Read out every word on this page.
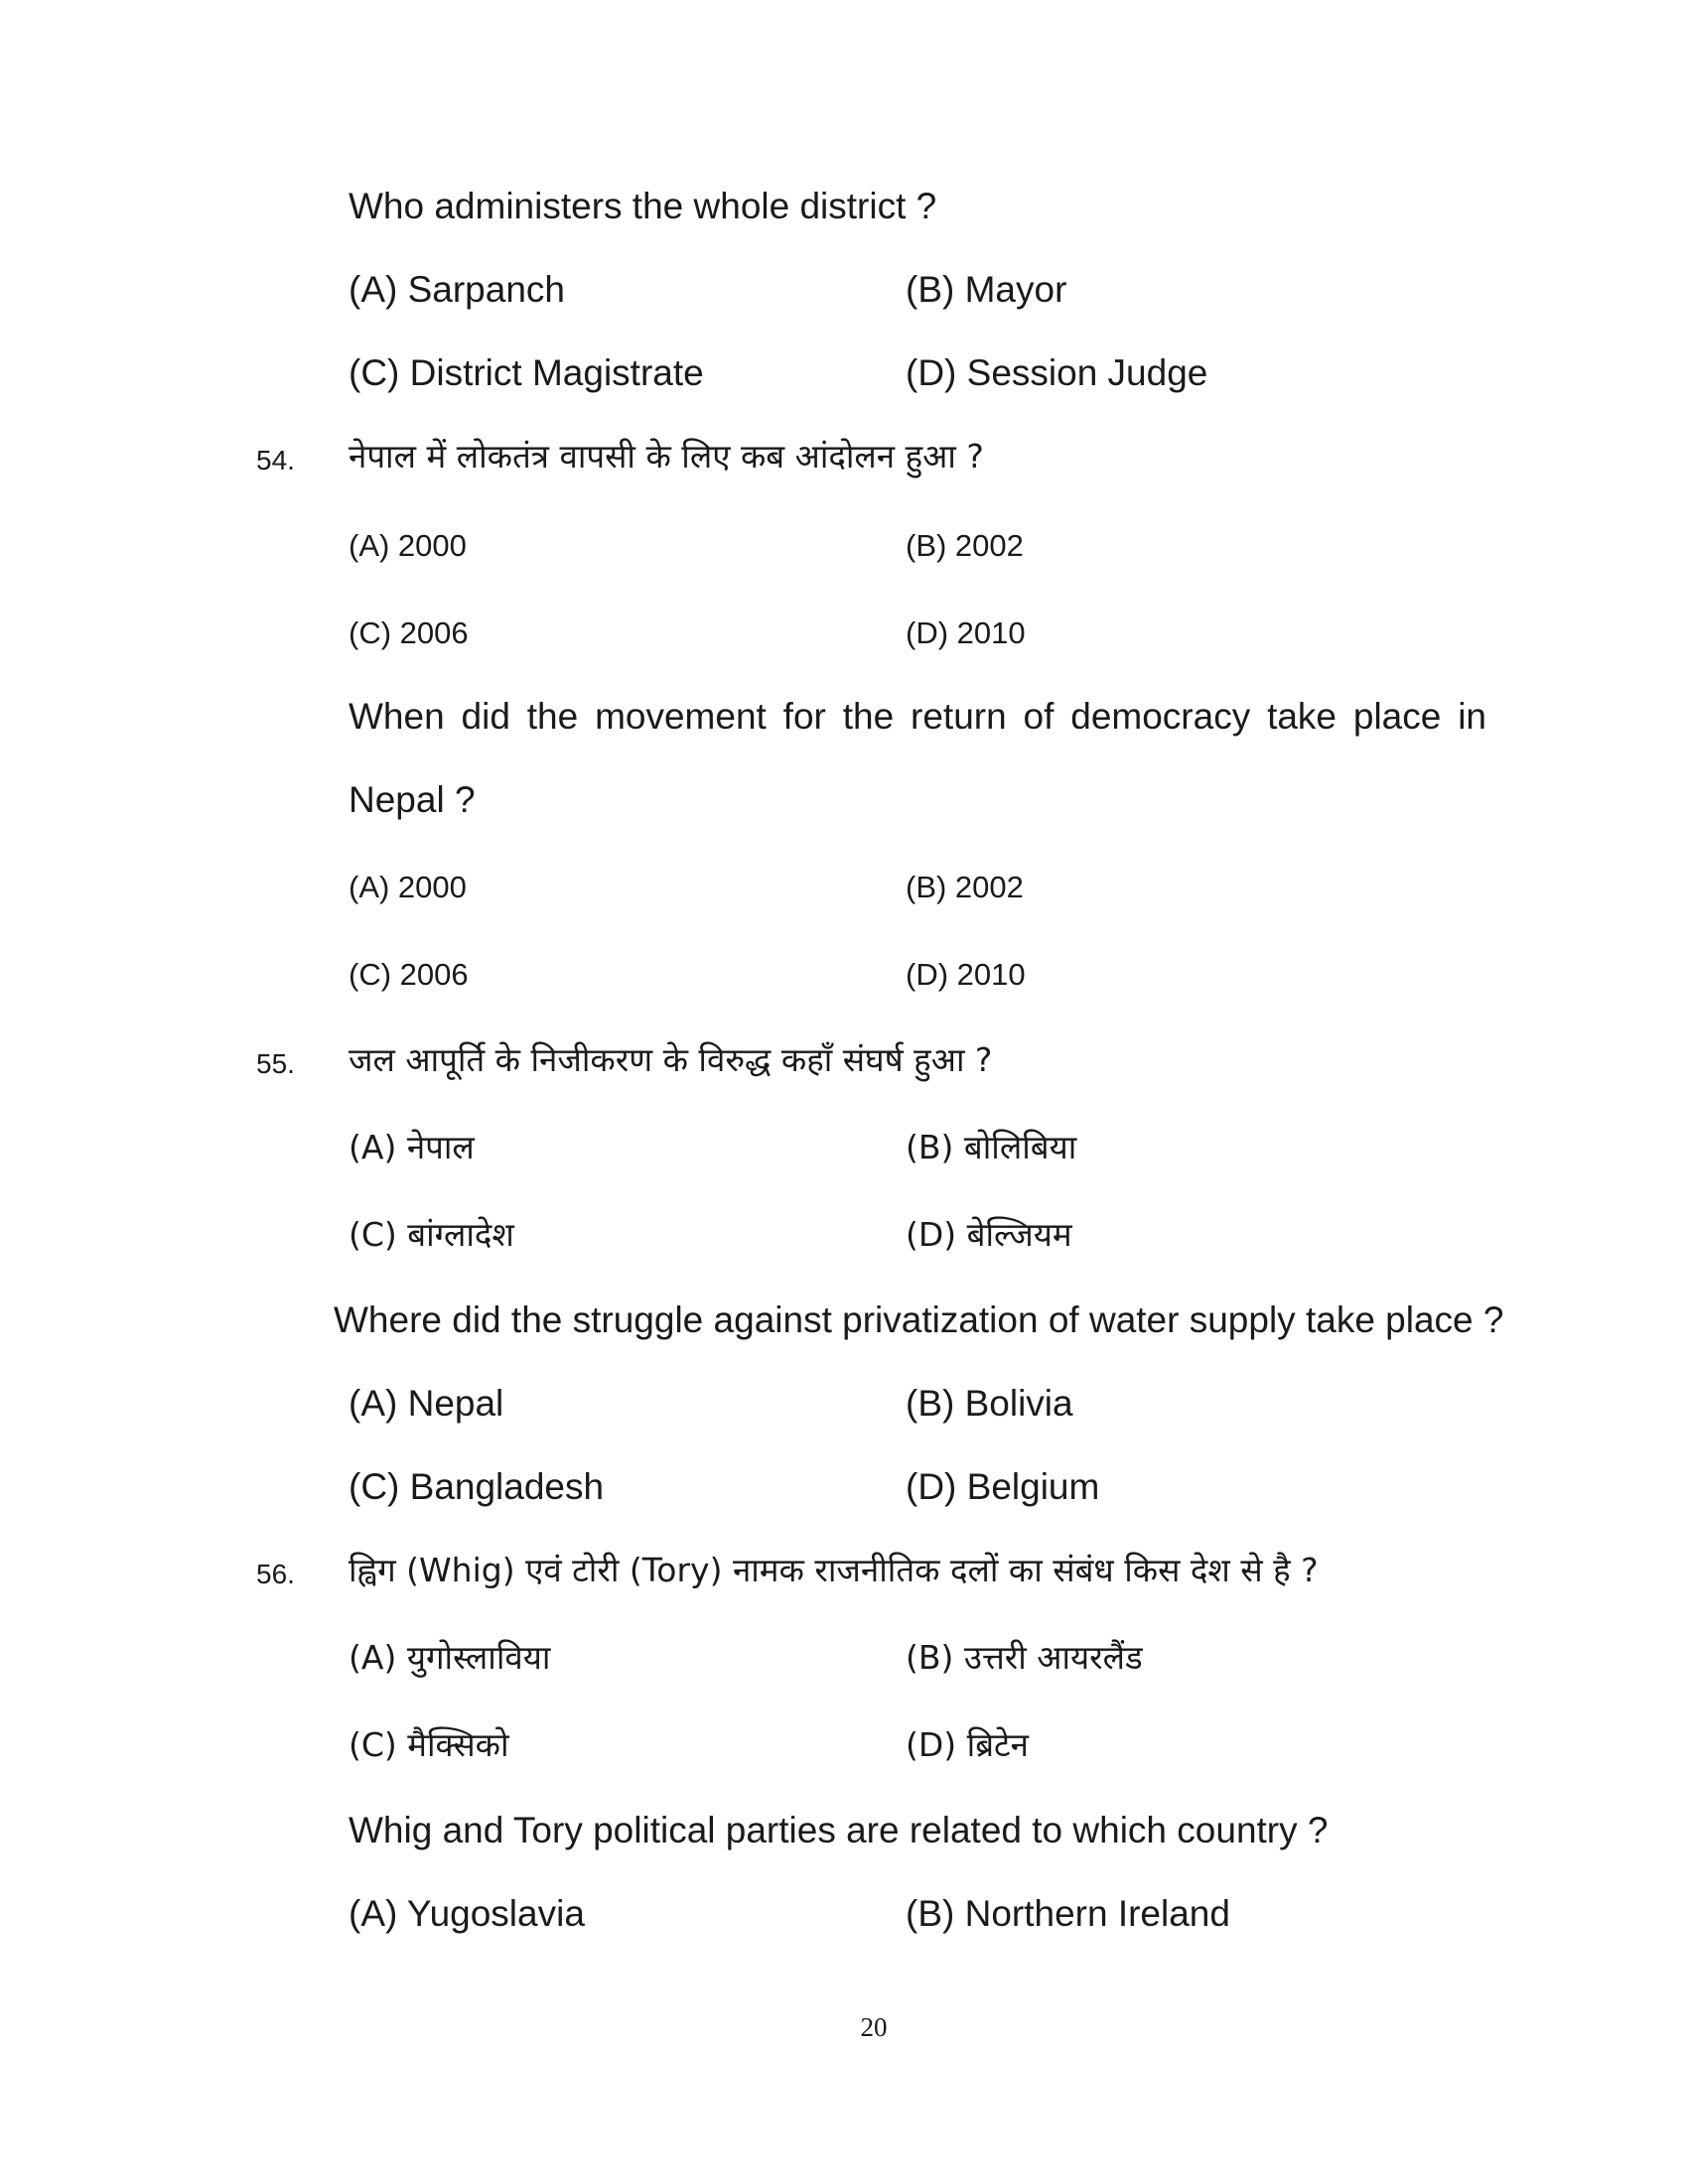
Who administers the whole district ?
(A) Sarpanch	(B) Mayor
(C) District Magistrate	(D) Session Judge
54. नेपाल में लोकतंत्र वापसी के लिए कब आंदोलन हुआ ?
(A) 2000	(B) 2002
(C) 2006	(D) 2010
When did the movement for the return of democracy take place in
Nepal ?
(A) 2000	(B) 2002
(C) 2006	(D) 2010
55. जल आपूर्ति के निजीकरण के विरुद्ध कहाँ संघर्ष हुआ ?
(A) नेपाल	(B) बोलिबिया
(C) बांग्लादेश	(D) बेल्जियम
Where did the struggle against privatization of water supply take place ?
(A) Nepal	(B) Bolivia
(C) Bangladesh	(D) Belgium
56. ह्विग (Whig) एवं टोरी (Tory) नामक राजनीतिक दलों का संबंध किस देश से है ?
(A) युगोस्लाविया	(B) उत्तरी आयरलैंड
(C) मैक्सिको	(D) ब्रिटेन
Whig and Tory political parties are related to which country ?
(A) Yugoslavia	(B) Northern Ireland
20
